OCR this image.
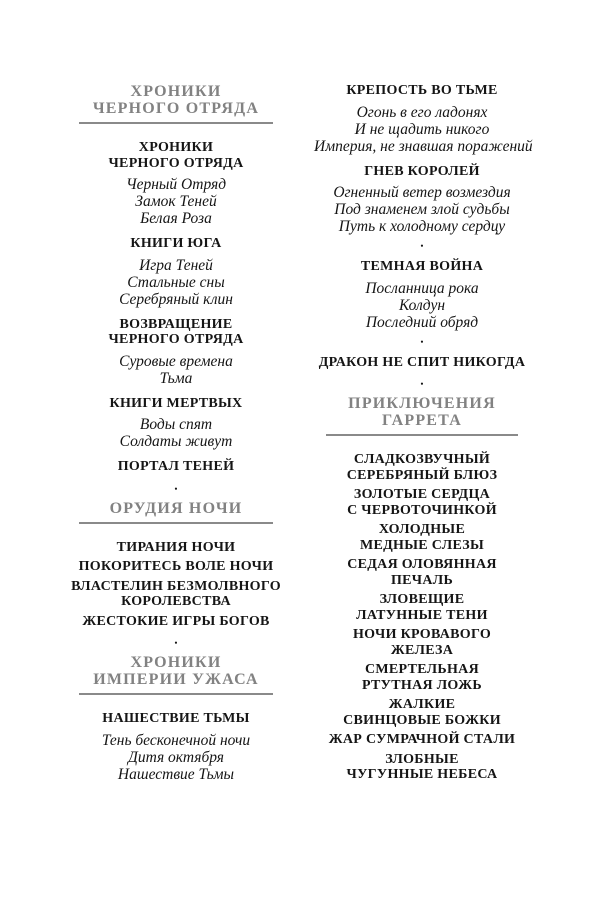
ХРОНИКИ
ЧЕРНОГО ОТРЯДА
ХРОНИКИ
ЧЕРНОГО ОТРЯДА
Черный Отряд
Замок Теней
Белая Роза
КНИГИ ЮГА
Игра Теней
Стальные сны
Серебряный клин
ВОЗВРАЩЕНИЕ
ЧЕРНОГО ОТРЯДА
Суровые времена
Тьма
КНИГИ МЕРТВЫХ
Воды спят
Солдаты живут
ПОРТАЛ ТЕНЕЙ
•
ОРУДИЯ НОЧИ
ТИРАНИЯ НОЧИ
ПОКОРИТЕСЬ ВОЛЕ НОЧИ
ВЛАСТЕЛИН БЕЗМОЛВНОГО
КОРОЛЕВСТВА
ЖЕСТОКИЕ ИГРЫ БОГОВ
•
ХРОНИКИ
ИМПЕРИИ УЖАСА
НАШЕСТВИЕ ТЬМЫ
Тень бесконечной ночи
Дитя октября
Нашествие Тьмы
КРЕПОСТЬ ВО ТЬМЕ
Огонь в его ладонях
И не щадить никого
Империя, не знавшая поражений
ГНЕВ КОРОЛЕЙ
Огненный ветер возмездия
Под знаменем злой судьбы
Путь к холодному сердцу
•
ТЕМНАЯ ВОЙНА
Посланница рока
Колдун
Последний обряд
•
ДРАКОН НЕ СПИТ НИКОГДА
•
ПРИКЛЮЧЕНИЯ
ГАРРЕТА
СЛАДКОЗВУЧНЫЙ
СЕРЕБРЯНЫЙ БЛЮЗ
ЗОЛОТЫЕ СЕРДЦА
С ЧЕРВОТОЧИНКОЙ
ХОЛОДНЫЕ
МЕДНЫЕ СЛЕЗЫ
СЕДАЯ ОЛОВЯННАЯ
ПЕЧАЛЬ
ЗЛОВЕЩИЕ
ЛАТУННЫЕ ТЕНИ
НОЧИ КРОВАВОГО
ЖЕЛЕЗА
СМЕРТЕЛЬНАЯ
РТУТНАЯ ЛОЖЬ
ЖАЛКИЕ
СВИНЦОВЫЕ БОЖКИ
ЖАР СУМРАЧНОЙ СТАЛИ
ЗЛОБНЫЕ
ЧУГУННЫЕ НЕБЕСА
